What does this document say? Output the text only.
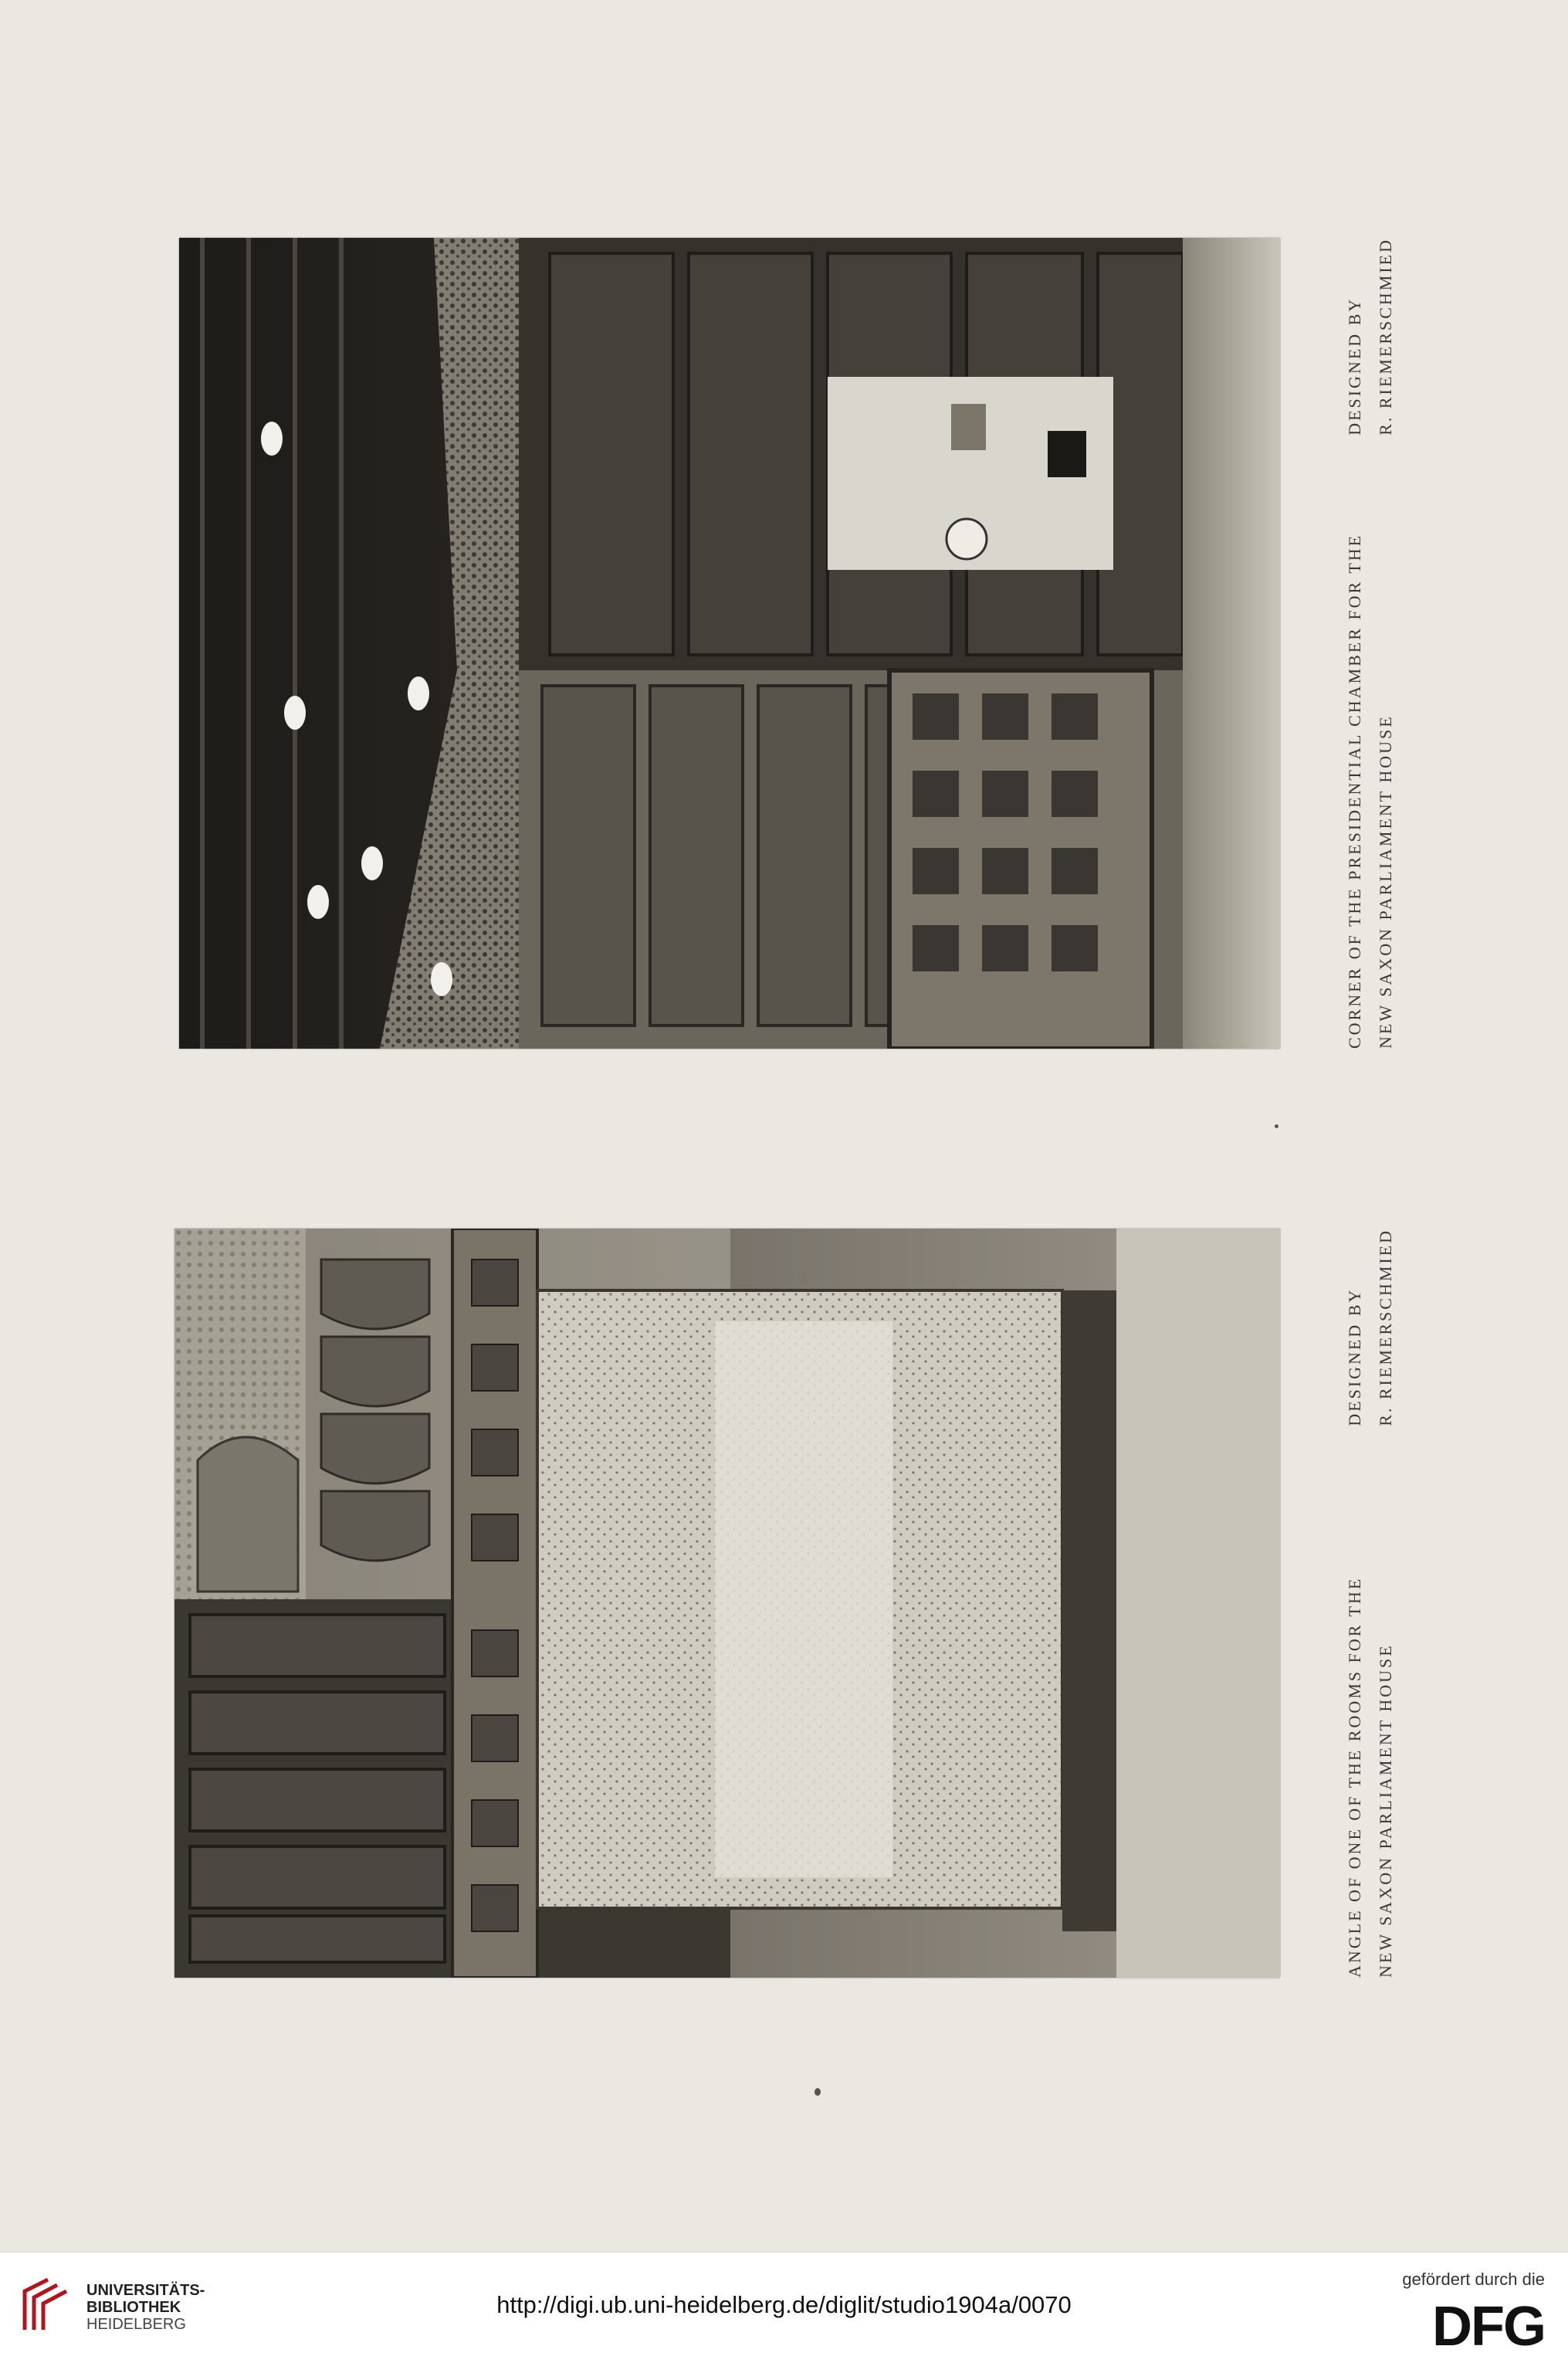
CORNER OF THE PRESIDENTIAL CHAMBER FOR THE NEW SAXON PARLIAMENT HOUSE
DESIGNED BY R. RIEMERSCHMIED
ANGLE OF ONE OF THE ROOMS FOR THE NEW SAXON PARLIAMENT HOUSE
DESIGNED BY R. RIEMERSCHMIED
UNIVERSITÄTS-
BIBLIOTHEK
HEIDELBERG
http://digi.ub.uni-heidelberg.de/diglit/studio1904a/0070
gefördert durch die
DFG
